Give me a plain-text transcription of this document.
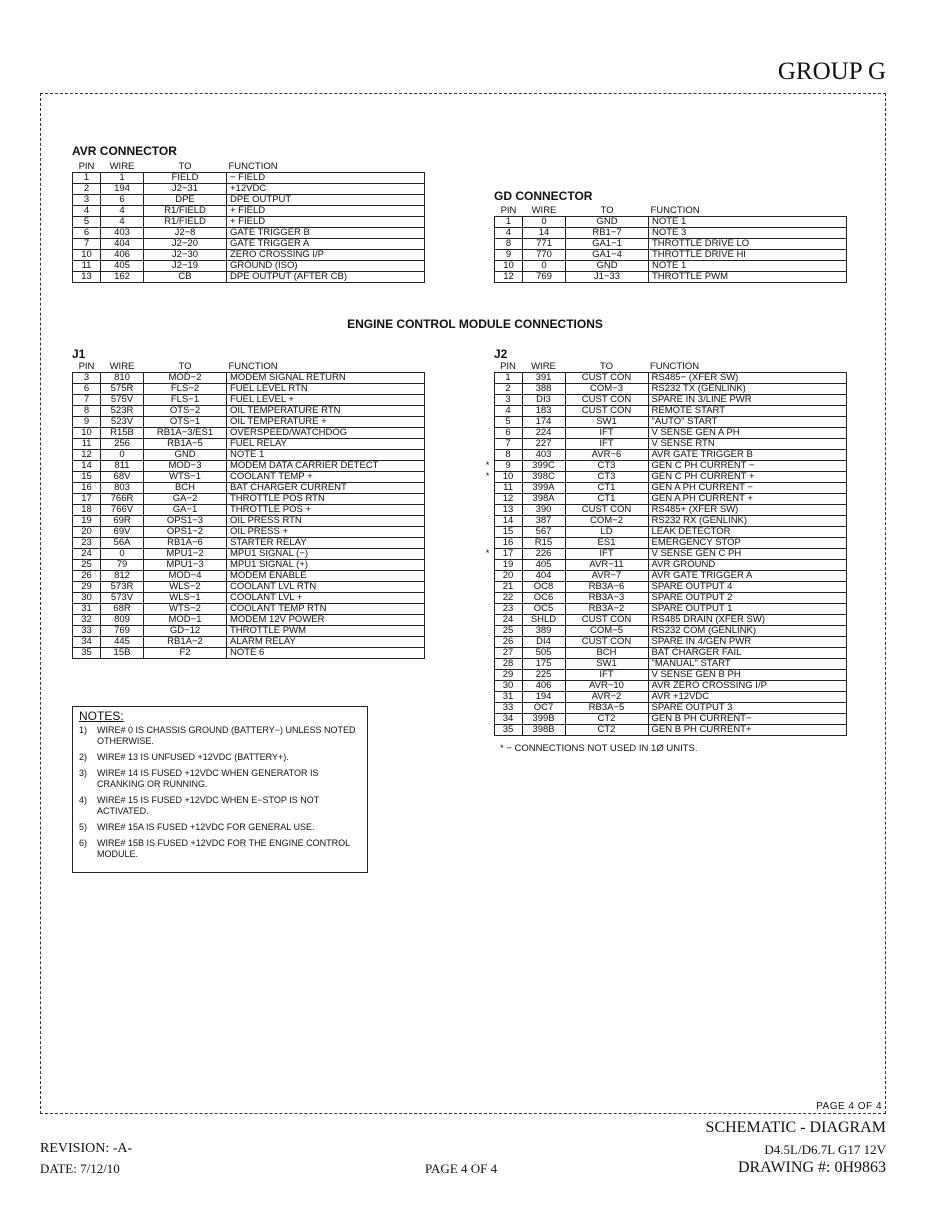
GROUP G
PAGE 4 OF 4
AVR CONNECTOR
PIN	WIRE	TO	FUNCTION
1	1	FIELD	− FIELD
2	194	J2−31	+12VDC
3	6	DPE	DPE OUTPUT
4	4	R1/FIELD	+ FIELD
5	4	R1/FIELD	+ FIELD
6	403	J2−8	GATE TRIGGER B
7	404	J2−20	GATE TRIGGER A
10	406	J2−30	ZERO CROSSING I/P
11	405	J2−19	GROUND (ISO)
13	162	CB	DPE OUTPUT (AFTER CB)
GD CONNECTOR
PIN	WIRE	TO	FUNCTION
1	0	GND	NOTE 1
4	14	RB1−7	NOTE 3
8	771	GA1−1	THROTTLE DRIVE LO
9	770	GA1−4	THROTTLE DRIVE HI
10	0	GND	NOTE 1
12	769	J1−33	THROTTLE PWM
ENGINE CONTROL MODULE CONNECTIONS
J1
PIN	WIRE	TO	FUNCTION
3	810	MOD−2	MODEM SIGNAL RETURN
6	575R	FLS−2	FUEL LEVEL RTN
7	575V	FLS−1	FUEL LEVEL +
8	523R	OTS−2	OIL TEMPERATURE RTN
9	523V	OTS−1	OIL TEMPERATURE +
10	R15B	RB1A−3/ES1	OVERSPEED/WATCHDOG
11	256	RB1A−5	FUEL RELAY
12	0	GND	NOTE 1
14	811	MOD−3	MODEM DATA CARRIER DETECT
15	68V	WTS−1	COOLANT TEMP +
16	803	BCH	BAT CHARGER CURRENT
17	766R	GA−2	THROTTLE POS RTN
18	766V	GA−1	THROTTLE POS +
19	69R	OPS1−3	OIL PRESS RTN
20	69V	OPS1−2	OIL PRESS +
23	56A	RB1A−6	STARTER RELAY
24	0	MPU1−2	MPU1 SIGNAL (−)
25	79	MPU1−3	MPU1 SIGNAL (+)
26	812	MOD−4	MODEM ENABLE
29	573R	WLS−2	COOLANT LVL RTN
30	573V	WLS−1	COOLANT LVL +
31	68R	WTS−2	COOLANT TEMP RTN
32	809	MOD−1	MODEM 12V POWER
33	769	GD−12	THROTTLE PWM
34	445	RB1A−2	ALARM RELAY
35	15B	F2	NOTE 6
J2
	PIN	WIRE	TO	FUNCTION
	1	391	CUST CON	RS485− (XFER SW)
	2	388	COM−3	RS232 TX (GENLINK)
	3	DI3	CUST CON	SPARE IN 3/LINE PWR
	4	183	CUST CON	REMOTE START
	5	174	SW1	"AUTO" START
	6	224	IFT	V SENSE GEN A PH
	7	227	IFT	V SENSE RTN
	8	403	AVR−6	AVR GATE TRIGGER B
*	9	399C	CT3	GEN C PH CURRENT −
*	10	398C	CT3	GEN C PH CURRENT +
	11	399A	CT1	GEN A PH CURRENT −
	12	398A	CT1	GEN A PH CURRENT +
	13	390	CUST CON	RS485+ (XFER SW)
	14	387	COM−2	RS232 RX (GENLINK)
	15	567	LD	LEAK DETECTOR
	16	R15	ES1	EMERGENCY STOP
*	17	226	IFT	V SENSE GEN C PH
	19	405	AVR−11	AVR GROUND
	20	404	AVR−7	AVR GATE TRIGGER A
	21	OC8	RB3A−6	SPARE OUTPUT 4
	22	OC6	RB3A−3	SPARE OUTPUT 2
	23	OC5	RB3A−2	SPARE OUTPUT 1
	24	SHLD	CUST CON	RS485 DRAIN (XFER SW)
	25	389	COM−5	RS232 COM (GENLINK)
	26	DI4	CUST CON	SPARE IN 4/GEN PWR
	27	505	BCH	BAT CHARGER FAIL
	28	175	SW1	"MANUAL" START
	29	225	IFT	V SENSE GEN B PH
	30	406	AVR−10	AVR ZERO CROSSING I/P
	31	194	AVR−2	AVR +12VDC
	33	OC7	RB3A−5	SPARE OUTPUT 3
	34	399B	CT2	GEN B PH CURRENT−
	35	398B	CT2	GEN B PH CURRENT+
* − CONNECTIONS NOT USED IN 1Ø UNITS.
NOTES:
1)	WIRE# 0 IS CHASSIS GROUND (BATTERY−) UNLESS NOTED OTHERWISE.
2)	WIRE# 13 IS UNFUSED +12VDC (BATTERY+).
3)	WIRE# 14 IS FUSED +12VDC WHEN GENERATOR IS CRANKING OR RUNNING.
4)	WIRE# 15 IS FUSED +12VDC WHEN E−STOP IS NOT ACTIVATED.
5)	WIRE# 15A IS FUSED +12VDC FOR GENERAL USE.
6)	WIRE# 15B IS FUSED +12VDC FOR THE ENGINE CONTROL MODULE.
REVISION: -A-
DATE: 7/12/10	PAGE 4 OF 4
SCHEMATIC - DIAGRAM
D4.5L/D6.7L G17 12V
DRAWING #: 0H9863
